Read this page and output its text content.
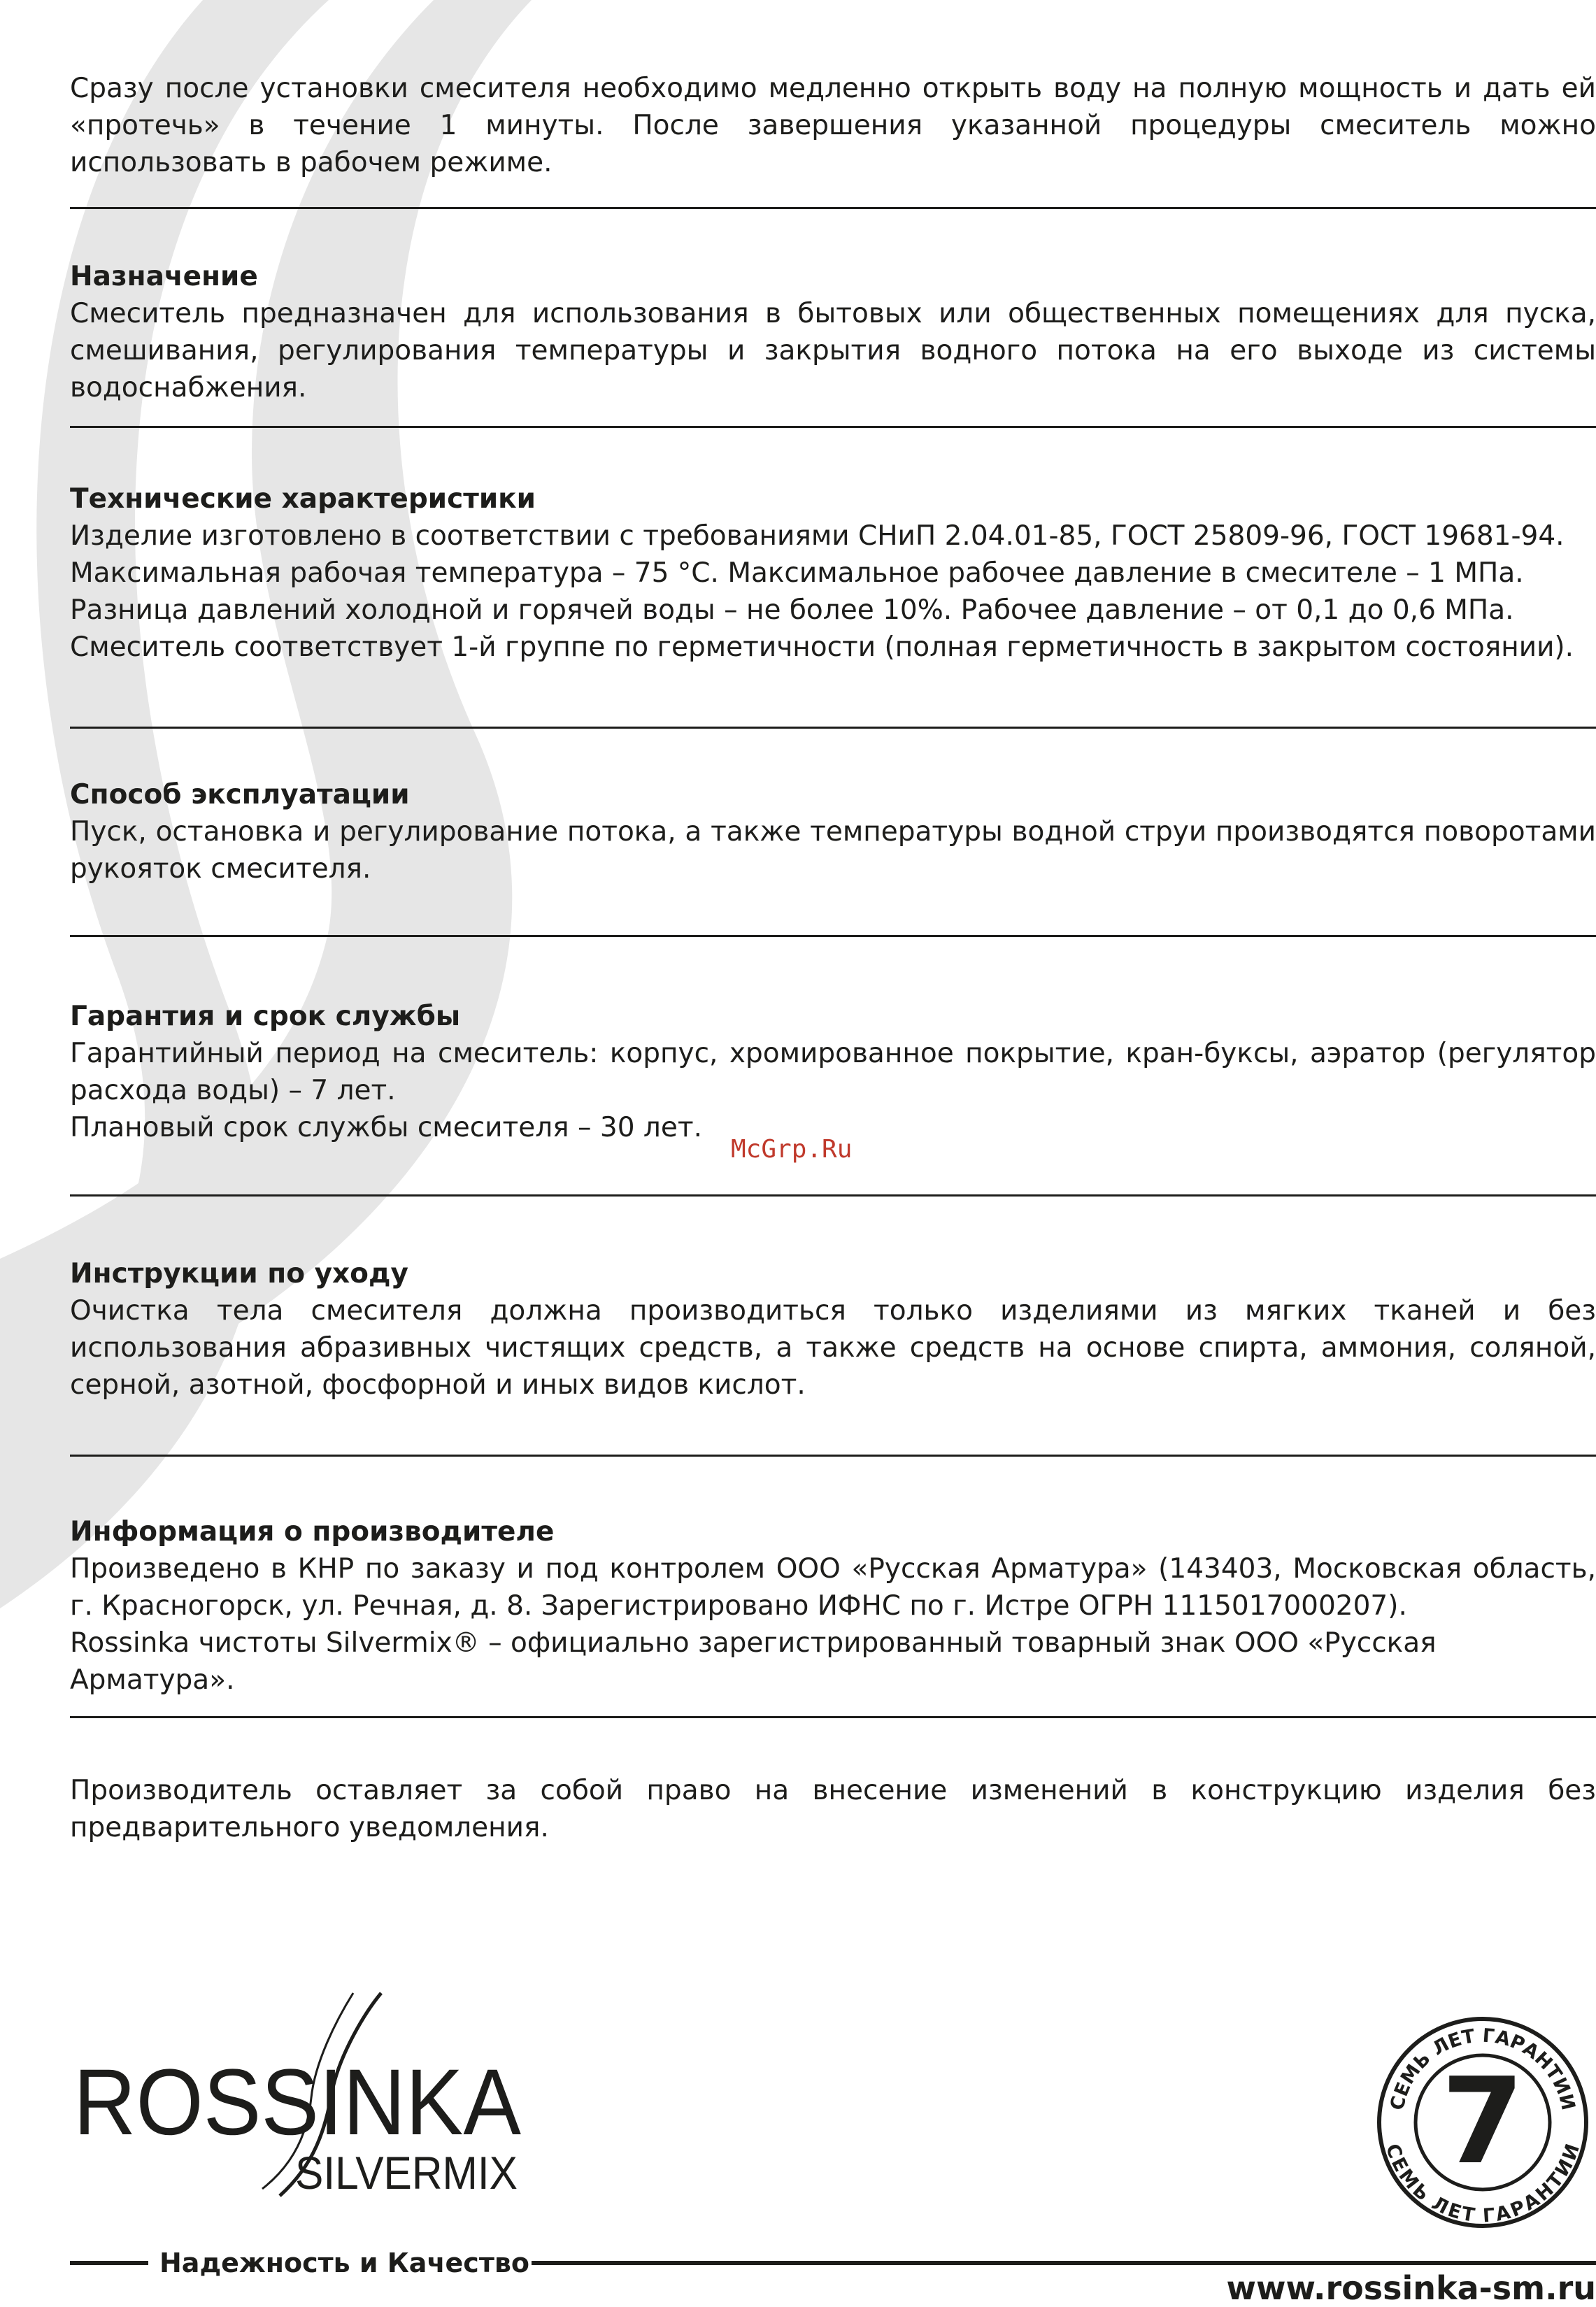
Сразу после установки смесителя необходимо медленно открыть воду на полную мощность и дать ей «протечь» в течение 1 минуты. После завершения указанной процедуры смеситель можно использовать в рабочем режиме.

Назначение

Смеситель предназначен для использования в бытовых или общественных помещениях для пуска, смешивания, регулирования температуры и закрытия водного потока на его выходе из системы водоснабжения.

Технические характеристики

Изделие изготовлено в соответствии с требованиями СНиП 2.04.01-85, ГОСТ 25809-96, ГОСТ 19681-94.

Максимальная рабочая температура – 75 °С. Максимальное рабочее давление в смесителе – 1 МПа.

Разница давлений холодной и горячей воды – не более 10%. Рабочее давление – от 0,1 до 0,6 МПа.

Смеситель соответствует 1-й группе по герметичности (полная герметичность в закрытом состоянии).

Способ эксплуатации

Пуск, остановка и регулирование потока, а также температуры водной струи производятся поворотами рукояток смесителя.

Гарантия и срок службы

Гарантийный период на смеситель: корпус, хромированное покрытие, кран-буксы, аэратор (регулятор расхода воды) – 7 лет.

Плановый срок службы смесителя – 30 лет.

McGrp.Ru

Инструкции по уходу

Очистка тела смесителя должна производиться только изделиями из мягких тканей и без использования абразивных чистящих средств, а также средств на основе спирта, аммония, соляной, серной, азотной, фосфорной и иных видов кислот.

Информация о производителе

Произведено в КНР по заказу и под контролем ООО «Русская Арматура» (143403, Московская область, г. Красногорск, ул. Речная, д. 8. Зарегистрировано ИФНС по г. Истре ОГРН 1115017000207).

Rossinka чистоты Silvermix® – официально зарегистрированный товарный знак ООО «Русская Арматура».

Производитель оставляет за собой право на внесение изменений в конструкцию изделия без предварительного уведомления.

ROSSINKA
SILVERMIX
СЕМЬ ЛЕТ ГАРАНТИИ
СЕМЬ ЛЕТ ГАРАНТИИ
7
Надежность и Качество
www.rossinka-sm.ru
